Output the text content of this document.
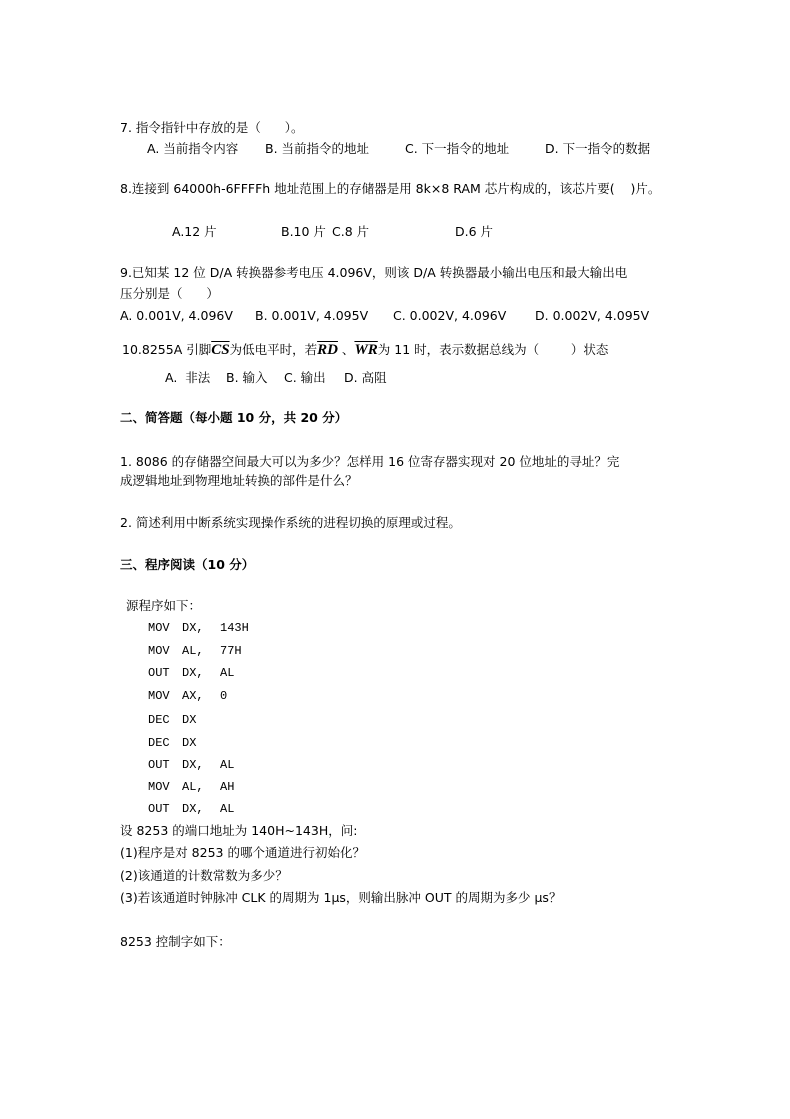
7. 指令指针中存放的是（      ）。
A. 当前指令内容 B. 当前指令的地址	C. 下一指令的地址	D. 下一指令的数据
8.连接到 64000h-6FFFFh 地址范围上的存储器是用 8k×8 RAM 芯片构成的，该芯片要(    )片。
A.12 片	B.10 片 C.8 片	D.6 片
9.已知某 12 位 D/A 转换器参考电压 4.096V，则该 D/A 转换器最小输出电压和最大输出电
压分别是（      ）
A. 0.001V, 4.096V B. 0.001V, 4.095V C. 0.002V, 4.096V D. 0.002V, 4.095V
10.8255A 引脚$\overline{CS}$为低电平时，若$\overline{RD}$ 、$\overline{WR}$为 11 时，表示数据总线为（        ）状态
A.  非法 B. 输入 C. 输出 D. 高阻
二、简答题（每小题 10 分，共 20 分）
1. 8086 的存储器空间最大可以为多少？怎样用 16 位寄存器实现对 20 位地址的寻址？完
成逻辑地址到物理地址转换的部件是什么？
2. 简述利用中断系统实现操作系统的进程切换的原理或过程。
三、程序阅读（10 分）
源程序如下：
MOV DX, 143H
MOV AL, 77H
OUT DX, AL
MOV AX, 0
DEC DX
DEC DX
OUT DX, AL
MOV AL, AH
OUT DX, AL
设 8253 的端口地址为 140H~143H，问:
(1)程序是对 8253 的哪个通道进行初始化？
(2)该通道的计数常数为多少？
(3)若该通道时钟脉冲 CLK 的周期为 1μs，则输出脉冲 OUT 的周期为多少 μs？
8253 控制字如下：
